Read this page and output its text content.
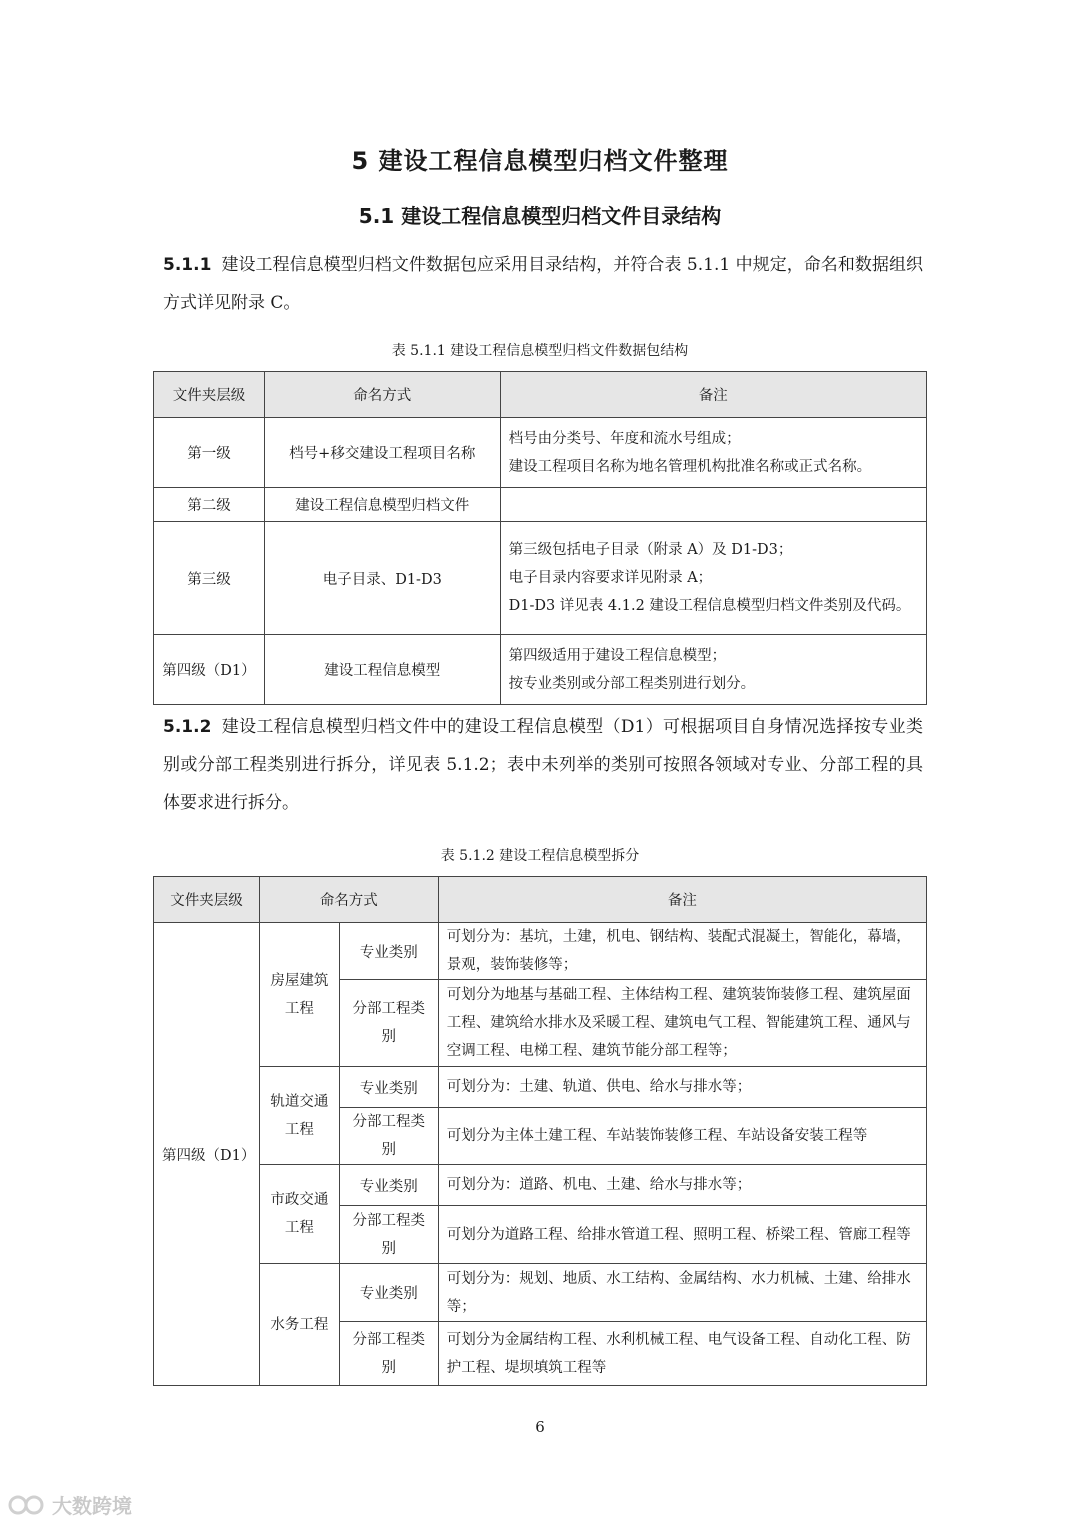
5 建设工程信息模型归档文件整理
5.1 建设工程信息模型归档文件目录结构
5.1.1 建设工程信息模型归档文件数据包应采用目录结构，并符合表 5.1.1 中规定，命名和数据组织方式详见附录 C。
表 5.1.1 建设工程信息模型归档文件数据包结构
文件夹层级	命名方式	备注
第一级	档号+移交建设工程项目名称	档号由分类号、年度和流水号组成；
建设工程项目名称为地名管理机构批准名称或正式名称。

第二级	建设工程信息模型归档文件	
第三级	电子目录、D1-D3	第三级包括电子目录（附录 A）及 D1-D3；
电子目录内容要求详见附录 A；
D1-D3 详见表 4.1.2 建设工程信息模型归档文件类别及代码。

第四级（D1）	建设工程信息模型	第四级适用于建设工程信息模型；
按专业类别或分部工程类别进行划分。
5.1.2 建设工程信息模型归档文件中的建设工程信息模型（D1）可根据项目自身情况选择按专业类别或分部工程类别进行拆分，详见表 5.1.2；表中未列举的类别可按照各领域对专业、分部工程的具体要求进行拆分。
表 5.1.2 建设工程信息模型拆分
文件夹层级	命名方式		备注
第四级（D1）	房屋建筑工程	专业类别	可划分为：基坑，土建，机电、钢结构、装配式混凝土，智能化，幕墙，景观，装饰装修等；
		分部工程类别	可划分为地基与基础工程、主体结构工程、建筑装饰装修工程、建筑屋面工程、建筑给水排水及采暖工程、建筑电气工程、智能建筑工程、通风与空调工程、电梯工程、建筑节能分部工程等；
	轨道交通工程	专业类别	可划分为：土建、轨道、供电、给水与排水等；
		分部工程类别	可划分为主体土建工程、车站装饰装修工程、车站设备安装工程等
	市政交通工程	专业类别	可划分为：道路、机电、土建、给水与排水等；
		分部工程类别	可划分为道路工程、给排水管道工程、照明工程、桥梁工程、管廊工程等
	水务工程	专业类别	可划分为：规划、地质、水工结构、金属结构、水力机械、土建、给排水等；
		分部工程类别	可划分为金属结构工程、水利机械工程、电气设备工程、自动化工程、防护工程、堤坝填筑工程等
6
大数跨境
